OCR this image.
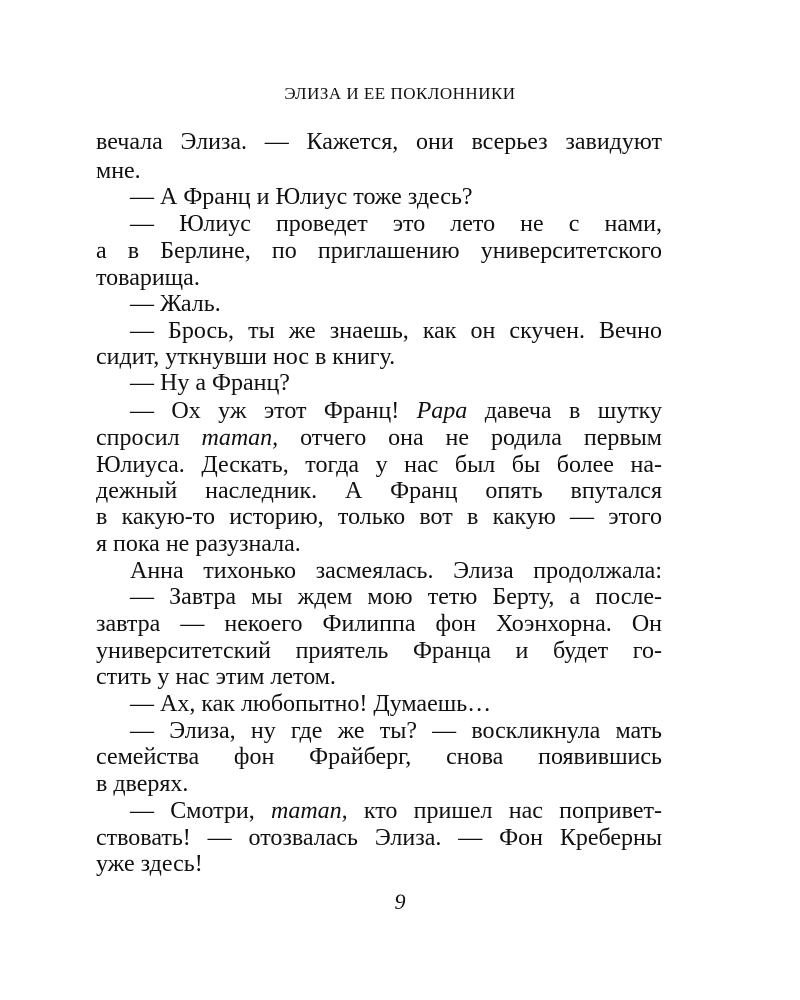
ЭЛИЗА И ЕЕ ПОКЛОННИКИ
вечала Элиза. — Кажется, они всерьез завидуют
мне.
— А Франц и Юлиус тоже здесь?
— Юлиус проведет это лето не с нами,
а в Берлине, по приглашению университетского
товарища.
— Жаль.
— Брось, ты же знаешь, как он скучен. Вечно
сидит, уткнувши нос в книгу.
— Ну а Франц?
— Ох уж этот Франц! Papa давеча в шутку
спросил maman, отчего она не родила первым
Юлиуса. Дескать, тогда у нас был бы более на-
дежный наследник. А Франц опять впутался
в какую-то историю, только вот в какую — этого
я пока не разузнала.
Анна тихонько засмеялась. Элиза продолжала:
— Завтра мы ждем мою тетю Берту, а после-
завтра — некоего Филиппа фон Хоэнхорна. Он
университетский приятель Франца и будет го-
стить у нас этим летом.
— Ах, как любопытно! Думаешь…
— Элиза, ну где же ты? — воскликнула мать
семейства фон Фрайберг, снова появившись
в дверях.
— Смотри, maman, кто пришел нас попривет-
ствовать! — отозвалась Элиза. — Фон Креберны
уже здесь!
9
